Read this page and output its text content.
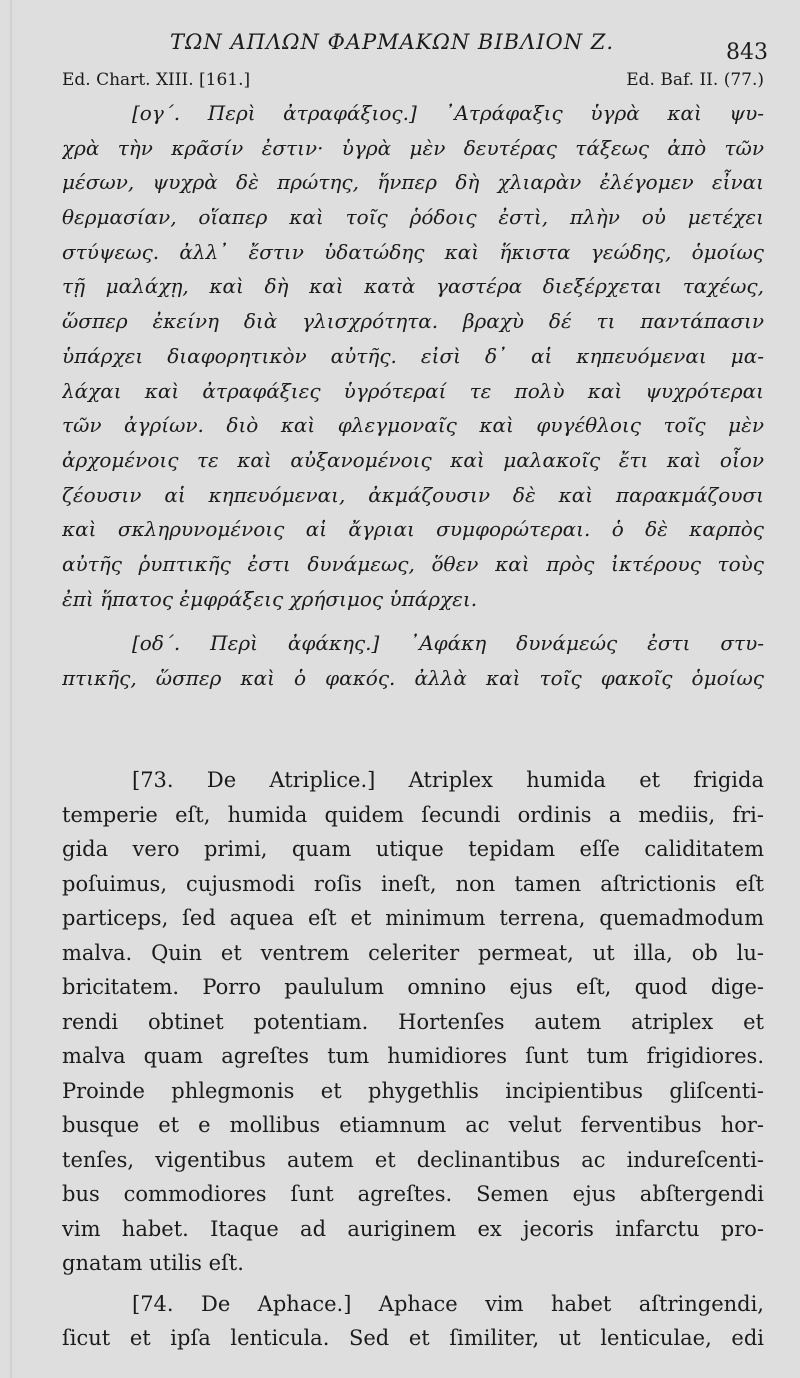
ΤΩΝ ΑΠΛΩΝ ΦΑΡΜΑΚΩΝ ΒΙΒΛΙΟΝ Ζ.	843
Ed. Chart. XIII. [161.]	Ed. Baf. II. (77.)
[ογ΄. Περὶ ἀτραφάξιος.] ᾽Ατράφαξις ὑγρὰ καὶ ψυ-
χρὰ τὴν κρᾶσίν ἐστιν· ὑγρὰ μὲν δευτέρας τάξεως ἀπὸ τῶν
μέσων, ψυχρὰ δὲ πρώτης, ἥνπερ δὴ χλιαρὰν ἐλέγομεν εἶναι
θερμασίαν, οἵαπερ καὶ τοῖς ῥόδοις ἐστὶ, πλὴν οὐ μετέχει
στύψεως. ἀλλ᾽ ἔστιν ὑδατώδης καὶ ἥκιστα γεώδης, ὁμοίως
τῇ μαλάχῃ, καὶ δὴ καὶ κατὰ γαστέρα διεξέρχεται ταχέως,
ὥσπερ ἐκείνη διὰ γλισχρότητα. βραχὺ δέ τι παντάπασιν
ὑπάρχει διαφορητικὸν αὐτῆς. εἰσὶ δ᾽ αἱ κηπευόμεναι μα-
λάχαι καὶ ἀτραφάξιες ὑγρότεραί τε πολὺ καὶ ψυχρότεραι
τῶν ἀγρίων. διὸ καὶ φλεγμοναῖς καὶ φυγέθλοις τοῖς μὲν
ἀρχομένοις τε καὶ αὐξανομένοις καὶ μαλακοῖς ἔτι καὶ οἷον
ζέουσιν αἱ κηπευόμεναι, ἀκμάζουσιν δὲ καὶ παρακμάζουσι
καὶ σκληρυνομένοις αἱ ἄγριαι συμφορώτεραι. ὁ δὲ καρπὸς
αὐτῆς ῥυπτικῆς ἐστι δυνάμεως, ὅθεν καὶ πρὸς ἰκτέρους τοὺς
ἐπὶ ἥπατος ἐμφράξεις χρήσιμος ὑπάρχει.
[οδ΄. Περὶ ἀφάκης.] ᾽Αφάκη δυνάμεώς ἐστι στυ-
πτικῆς, ὥσπερ καὶ ὁ φακός. ἀλλὰ καὶ τοῖς φακοῖς ὁμοίως
[73. De Atriplice.] Atriplex humida et frigida
temperie eſt, humida quidem ſecundi ordinis a mediis, fri-
gida vero primi, quam utique tepidam eſſe caliditatem
poſuimus, cujusmodi roſis ineſt, non tamen aſtrictionis eſt
particeps, ſed aquea eſt et minimum terrena, quemadmodum
malva. Quin et ventrem celeriter permeat, ut illa, ob lu-
bricitatem. Porro paululum omnino ejus eſt, quod dige-
rendi obtinet potentiam. Hortenſes autem atriplex et
malva quam agreſtes tum humidiores ſunt tum frigidiores.
Proinde phlegmonis et phygethlis incipientibus gliſcenti-
busque et e mollibus etiamnum ac velut ferventibus hor-
tenſes, vigentibus autem et declinantibus ac indureſcenti-
bus commodiores ſunt agreſtes. Semen ejus abſtergendi
vim habet. Itaque ad auriginem ex jecoris infarctu pro-
gnatam utilis eſt.
[74. De Aphace.] Aphace vim habet aſtringendi,
ſicut et ipſa lenticula. Sed et ſimiliter, ut lenticulae, edi
